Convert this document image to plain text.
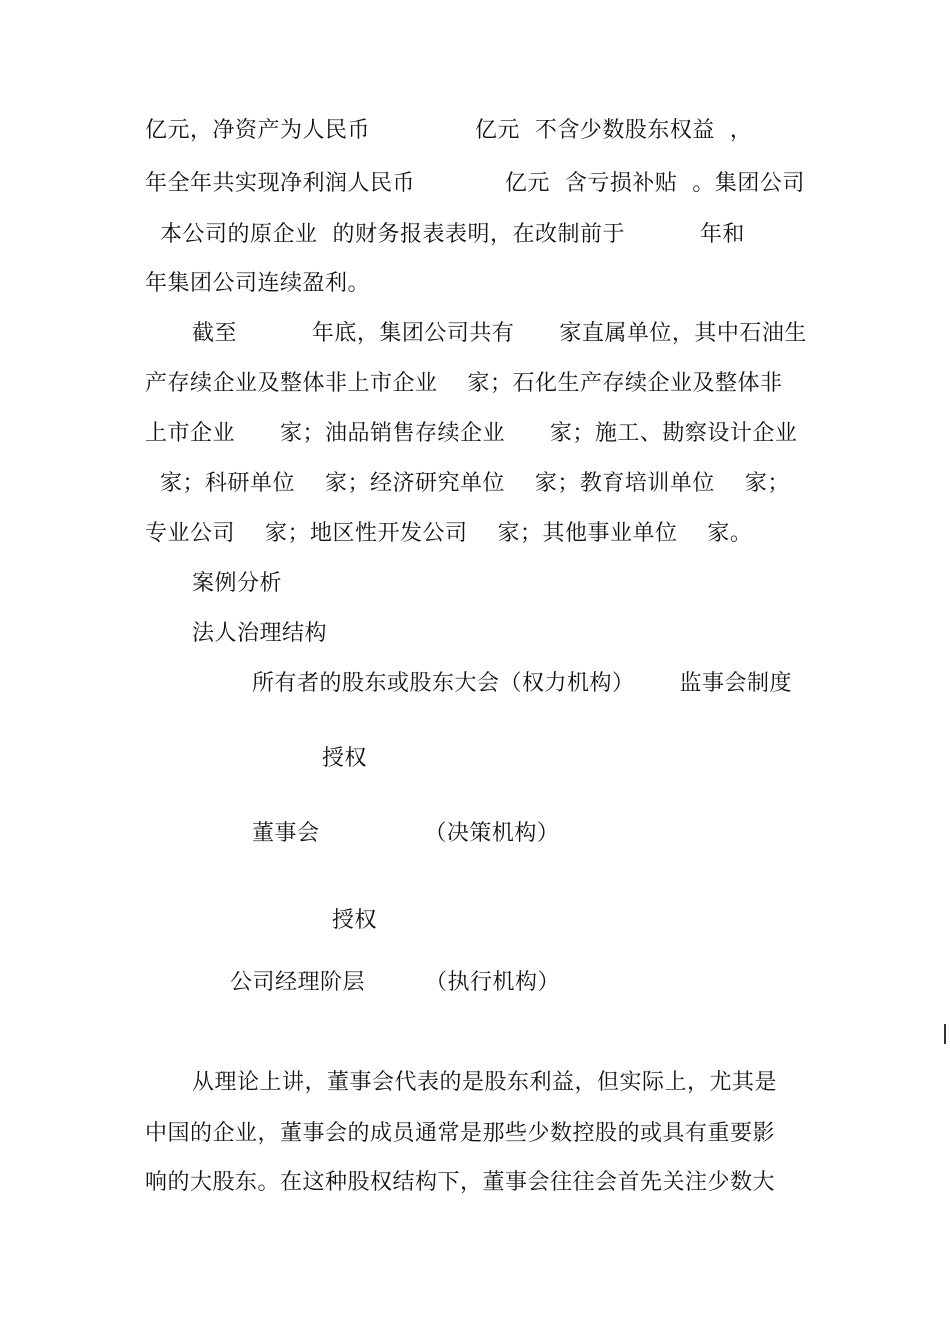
亿元，净资产为人民币              亿元  不含少数股东权益  ，
年全年共实现净利润人民币            亿元  含亏损补贴  。集团公司
本公司的原企业  的财务报表表明，在改制前于          年和
年集团公司连续盈利。
截至          年底，集团公司共有      家直属单位，其中石油生
产存续企业及整体非上市企业    家；石化生产存续企业及整体非
上市企业      家；油品销售存续企业      家；施工、勘察设计企业
家；科研单位    家；经济研究单位    家；教育培训单位    家；
专业公司    家；地区性开发公司    家；其他事业单位    家。
案例分析
法人治理结构
所有者的股东或股东大会（权力机构）      监事会制度
授权
董事会              （决策机构）
授权
公司经理阶层        （执行机构）
从理论上讲，董事会代表的是股东利益，但实际上，尤其是
中国的企业，董事会的成员通常是那些少数控股的或具有重要影
响的大股东。在这种股权结构下，董事会往往会首先关注少数大
